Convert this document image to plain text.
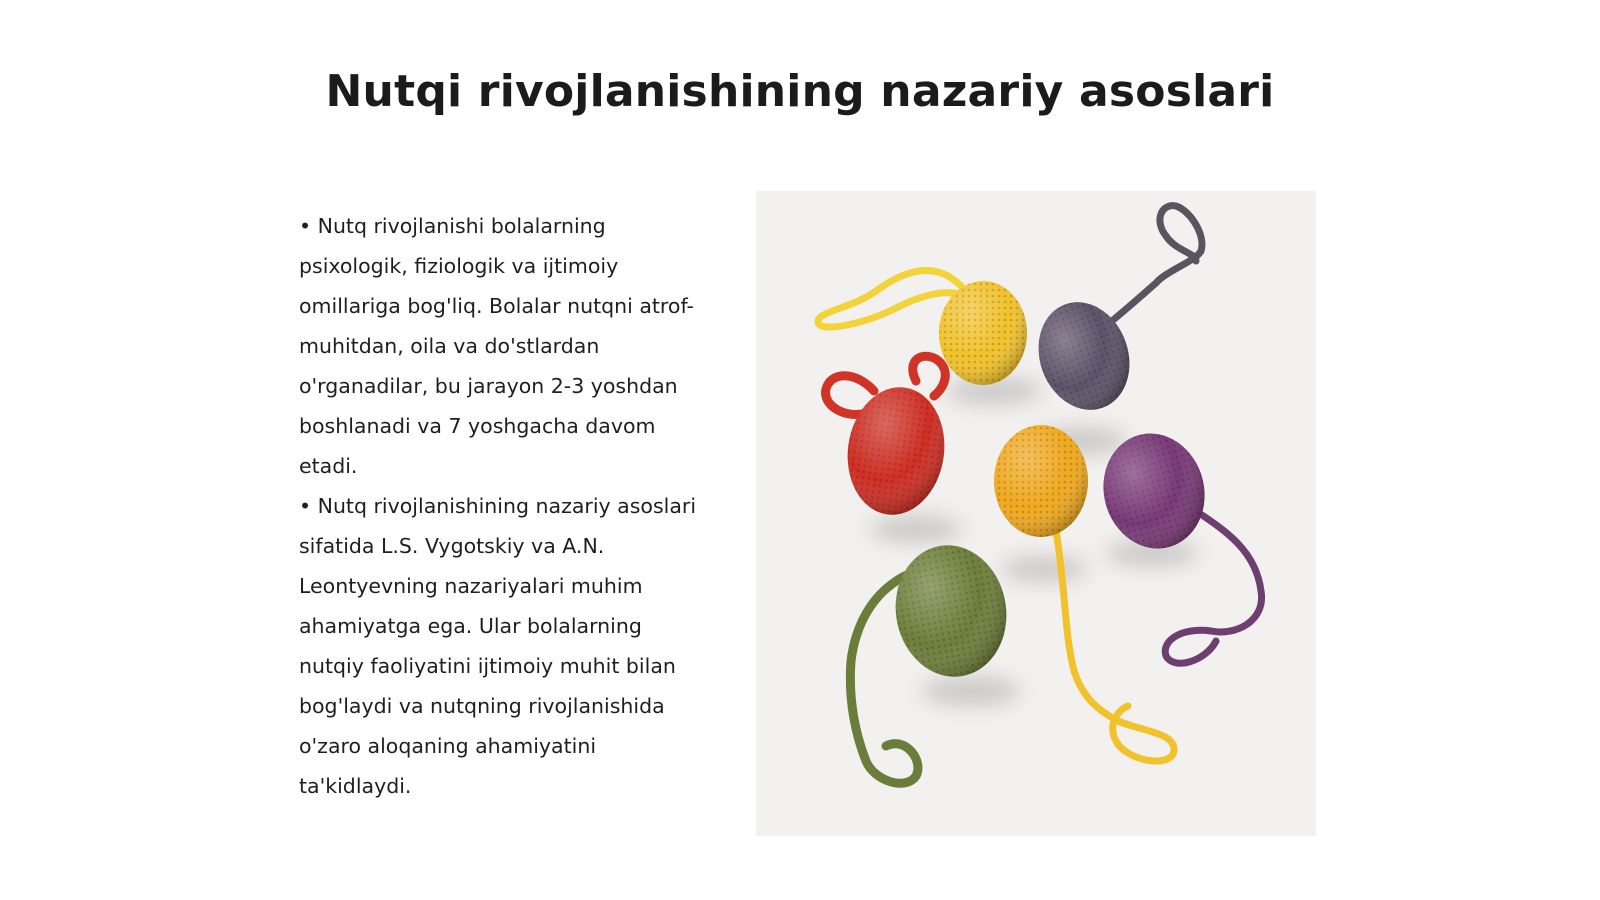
Nutqi rivojlanishining nazariy asoslari

• Nutq rivojlanishi bolalarning psixologik, fiziologik va ijtimoiy omillariga bog'liq. Bolalar nutqni atrof-muhitdan, oila va do'stlardan o'rganadilar, bu jarayon 2-3 yoshdan boshlanadi va 7 yoshgacha davom etadi.

• Nutq rivojlanishining nazariy asoslari sifatida L.S. Vygotskiy va A.N. Leontyevning nazariyalari muhim ahamiyatga ega. Ular bolalarning nutqiy faoliyatini ijtimoiy muhit bilan bog'laydi va nutqning rivojlanishida o'zaro aloqaning ahamiyatini ta'kidlaydi.
